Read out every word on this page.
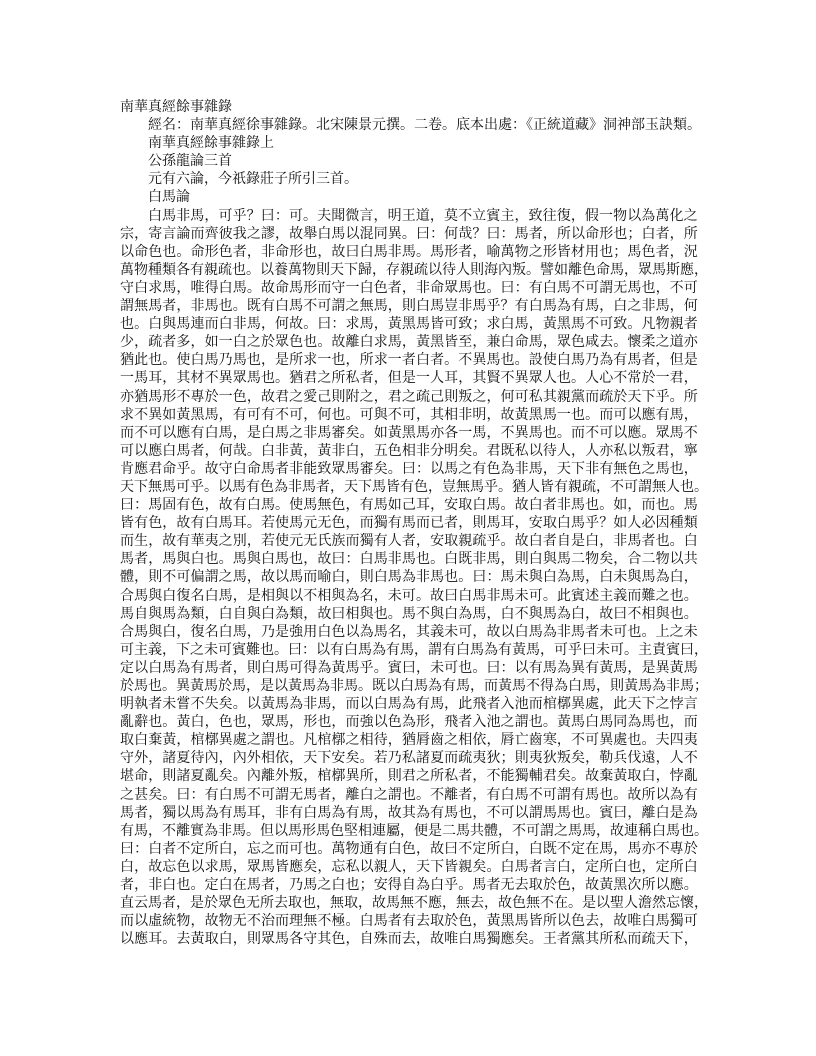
南華真經餘事雜錄
經名：南華真經徐事雜錄。北宋陳景元撰。二卷。底本出處：《正統道藏》洞神部玉訣類。
南華真經餘事雜錄上
公孫龍論三首
元有六論，今祇錄莊子所引三首。
白馬論
白 馬 非 馬 ， 可 乎 ？ 曰 ： 可 。 夫 聞 微 言 ， 明 王 道 ， 莫 不 立 賓 主 ， 致 往 復 ， 假 一 物 以 為 萬 化 之
宗 ， 寄 言 論 而 齊 彼 我 之 謬 ， 故 舉 白 馬 以 混 同 異 。 曰 ： 何 哉 ？ 曰 ： 馬 者 ， 所 以 命 形 也 ； 白 者 ， 所
以 命 色 也 。 命 形 色 者 ， 非 命 形 也 ， 故 曰 白 馬 非 馬 。 馬 形 者 ， 喻 萬 物 之 形 皆 材 用 也 ； 馬 色 者 ， 況
萬 物 種 類 各 有 親 疏 也 。 以 養 萬 物 則 天 下 歸 ， 存 親 疏 以 待 人 則 海 內 叛 。 譬 如 離 色 命 馬 ， 眾 馬 斯 應 ，
守 白 求 馬 ， 唯 得 白 馬 。 故 命 馬 形 而 守 一 白 色 者 ， 非 命 眾 馬 也 。 曰 ： 有 白 馬 不 可 謂 无 馬 也 ， 不 可
謂 無 馬 者 ， 非 馬 也 。 既 有 白 馬 不 可 謂 之 無 馬 ， 則 白 馬 豈 非 馬 乎 ？ 有 白 馬 為 有 馬 ， 白 之 非 馬 ， 何
也 。 白 與 馬 連 而 白 非 馬 ， 何 故 。 曰 ： 求 馬 ， 黃 黑 馬 皆 可 致 ； 求 白 馬 ， 黃 黑 馬 不 可 致 。 凡 物 親 者
少 ， 疏 者 多 ， 如 一 白 之 於 眾 色 也 。 故 離 白 求 馬 ， 黃 黑 皆 至 ， 兼 白 命 馬 ， 眾 色 咸 去 。 懷 柔 之 道 亦
猶 此 也 。 使 白 馬 乃 馬 也 ， 是 所 求 一 也 ， 所 求 一 者 白 者 。 不 異 馬 也 。 設 使 白 馬 乃 為 有 馬 者 ， 但 是
一 馬 耳 ， 其 材 不 異 眾 馬 也 。 猶 君 之 所 私 者 ， 但 是 一 人 耳 ， 其 賢 不 異 眾 人 也 。 人 心 不 常 於 一 君 ，
亦 猶 馬 形 不 專 於 一 色 ， 故 君 之 愛 己 則 附 之 ， 君 之 疏 己 則 叛 之 ， 何 可 私 其 親 黨 而 疏 於 天 下 乎 。 所
求 不 異 如 黃 黑 馬 ， 有 可 有 不 可 ， 何 也 。 可 與 不 可 ， 其 相 非 明 ， 故 黃 黑 馬 一 也 。 而 可 以 應 有 馬 ，
而 不 可 以 應 有 白 馬 ， 是 白 馬 之 非 馬 審 矣 。 如 黃 黑 馬 亦 各 一 馬 ， 不 異 馬 也 。 而 不 可 以 應 。 眾 馬 不
可 以 應 白 馬 者 ， 何 哉 。 白 非 黃 ， 黃 非 白 ， 五 色 相 非 分 明 矣 。 君 既 私 以 待 人 ， 人 亦 私 以 叛 君 ， 寧
肯 應 君 命 乎 。 故 守 白 命 馬 者 非 能 致 眾 馬 審 矣 。 曰 ： 以 馬 之 有 色 為 非 馬 ， 天 下 非 有 無 色 之 馬 也 ，
天 下 無 馬 可 乎 。 以 馬 有 色 為 非 馬 者 ， 天 下 馬 皆 有 色 ， 豈 無 馬 乎 。 猶 人 皆 有 親 疏 ， 不 可 謂 無 人 也 。
曰 ： 馬 固 有 色 ， 故 有 白 馬 。 使 馬 無 色 ， 有 馬 如 己 耳 ， 安 取 白 馬 。 故 白 者 非 馬 也 。 如 ， 而 也 。 馬
皆 有 色 ， 故 有 白 馬 耳 。 若 使 馬 元 无 色 ， 而 獨 有 馬 而 已 者 ， 則 馬 耳 ， 安 取 白 馬 乎 ？ 如 人 必 因 種 類
而 生 ， 故 有 華 夷 之 別 ， 若 使 元 无 氏 族 而 獨 有 人 者 ， 安 取 親 疏 乎 。 故 白 者 自 是 白 ， 非 馬 者 也 。 白
馬 者 ， 馬 與 白 也 。 馬 與 白 馬 也 ， 故 曰 ： 白 馬 非 馬 也 。 白 既 非 馬 ， 則 白 與 馬 二 物 矣 ， 合 二 物 以 共
體 ， 則 不 可 偏 謂 之 馬 ， 故 以 馬 而 喻 白 ， 則 白 馬 為 非 馬 也 。 曰 ： 馬 未 與 白 為 馬 ， 白 未 與 馬 為 白 ，
合 馬 與 白 復 名 白 馬 ， 是 相 與 以 不 相 與 為 名 ， 未 可 。 故 曰 白 馬 非 馬 未 可 。 此 賓 述 主 義 而 難 之 也 。
馬 自 與 馬 為 類 ， 白 自 與 白 為 類 ， 故 曰 相 與 也 。 馬 不 與 白 為 馬 ， 白 不 與 馬 為 白 ， 故 曰 不 相 與 也 。
合 馬 與 白 ， 復 名 白 馬 ， 乃 是 強 用 白 色 以 為 馬 名 ， 其 義 未 可 ， 故 以 白 馬 為 非 馬 者 未 可 也 。 上 之 未
可 主 義 ， 下 之 未 可 賓 難 也 。 曰 ： 以 有 白 馬 為 有 馬 ， 謂 有 白 馬 為 有 黃 馬 ， 可 乎 曰 未 可 。 主 責 賓 曰 ，
定 以 白 馬 為 有 馬 者 ， 則 白 馬 可 得 為 黃 馬 乎 。 賓 曰 ， 未 可 也 。 曰 ： 以 有 馬 為 異 有 黃 馬 ， 是 異 黃 馬
於 馬 也 。 異 黃 馬 於 馬 ， 是 以 黃 馬 為 非 馬 。 既 以 白 馬 為 有 馬 ， 而 黃 馬 不 得 為 白 馬 ， 則 黃 馬 為 非 馬 ；
明 執 者 未 嘗 不 失 矣 。 以 黃 馬 為 非 馬 ， 而 以 白 馬 為 有 馬 ， 此 飛 者 入 池 而 棺 槨 異 處 ， 此 天 下 之 悖 言
亂 辭 也 。 黃 白 ， 色 也 ， 眾 馬 ， 形 也 ， 而 強 以 色 為 形 ， 飛 者 入 池 之 謂 也 。 黃 馬 白 馬 同 為 馬 也 ， 而
取 白 棄 黃 ， 棺 槨 異 處 之 謂 也 。 凡 棺 槨 之 相 待 ， 猶 脣 齒 之 相 依 ， 脣 亡 齒 寒 ， 不 可 異 處 也 。 夫 四 夷
守 外 ， 諸 夏 待 內 ， 內 外 相 依 ， 天 下 安 矣 。 若 乃 私 諸 夏 而 疏 夷 狄 ； 則 夷 狄 叛 矣 ， 勒 兵 伐 遠 ， 人 不
堪 命 ， 則 諸 夏 亂 矣 。 內 離 外 叛 ， 棺 槨 異 所 ， 則 君 之 所 私 者 ， 不 能 獨 輔 君 矣 。 故 棄 黃 取 白 ， 悖 亂
之 甚 矣 。 曰 ： 有 白 馬 不 可 謂 无 馬 者 ， 離 白 之 謂 也 。 不 離 者 ， 有 白 馬 不 可 謂 有 馬 也 。 故 所 以 為 有
馬 者 ， 獨 以 馬 為 有 馬 耳 ， 非 有 白 馬 為 有 馬 ， 故 其 為 有 馬 也 ， 不 可 以 謂 馬 馬 也 。 賓 曰 ， 離 白 是 為
有 馬 ， 不 離 實 為 非 馬 。 但 以 馬 形 馬 色 堅 相 連 屬 ， 便 是 二 馬 共 體 ， 不 可 謂 之 馬 馬 ， 故 連 稱 白 馬 也 。
曰 ： 白 者 不 定 所 白 ， 忘 之 而 可 也 。 萬 物 通 有 白 色 ， 故 曰 不 定 所 白 ， 白 既 不 定 在 馬 ， 馬 亦 不 專 於
白 ， 故 忘 色 以 求 馬 ， 眾 馬 皆 應 矣 ， 忘 私 以 親 人 ， 天 下 皆 親 矣 。 白 馬 者 言 白 ， 定 所 白 也 ， 定 所 白
者 ， 非 白 也 。 定 白 在 馬 者 ， 乃 馬 之 白 也 ； 安 得 自 為 白 乎 。 馬 者 无 去 取 於 色 ， 故 黃 黑 次 所 以 應 。
直 云 馬 者 ， 是 於 眾 色 无 所 去 取 也 ， 無 取 ， 故 馬 無 不 應 ， 無 去 ， 故 色 無 不 在 。 是 以 聖 人 澹 然 忘 懷 ，
而 以 虛 統 物 ， 故 物 无 不 治 而 理 無 不 極 。 白 馬 者 有 去 取 於 色 ， 黃 黑 馬 皆 所 以 色 去 ， 故 唯 白 馬 獨 可
以 應 耳 。 去 黃 取 白 ， 則 眾 馬 各 守 其 色 ， 自 殊 而 去 ， 故 唯 白 馬 獨 應 矣 。 王 者 黨 其 所 私 而 疏 天 下 ，
